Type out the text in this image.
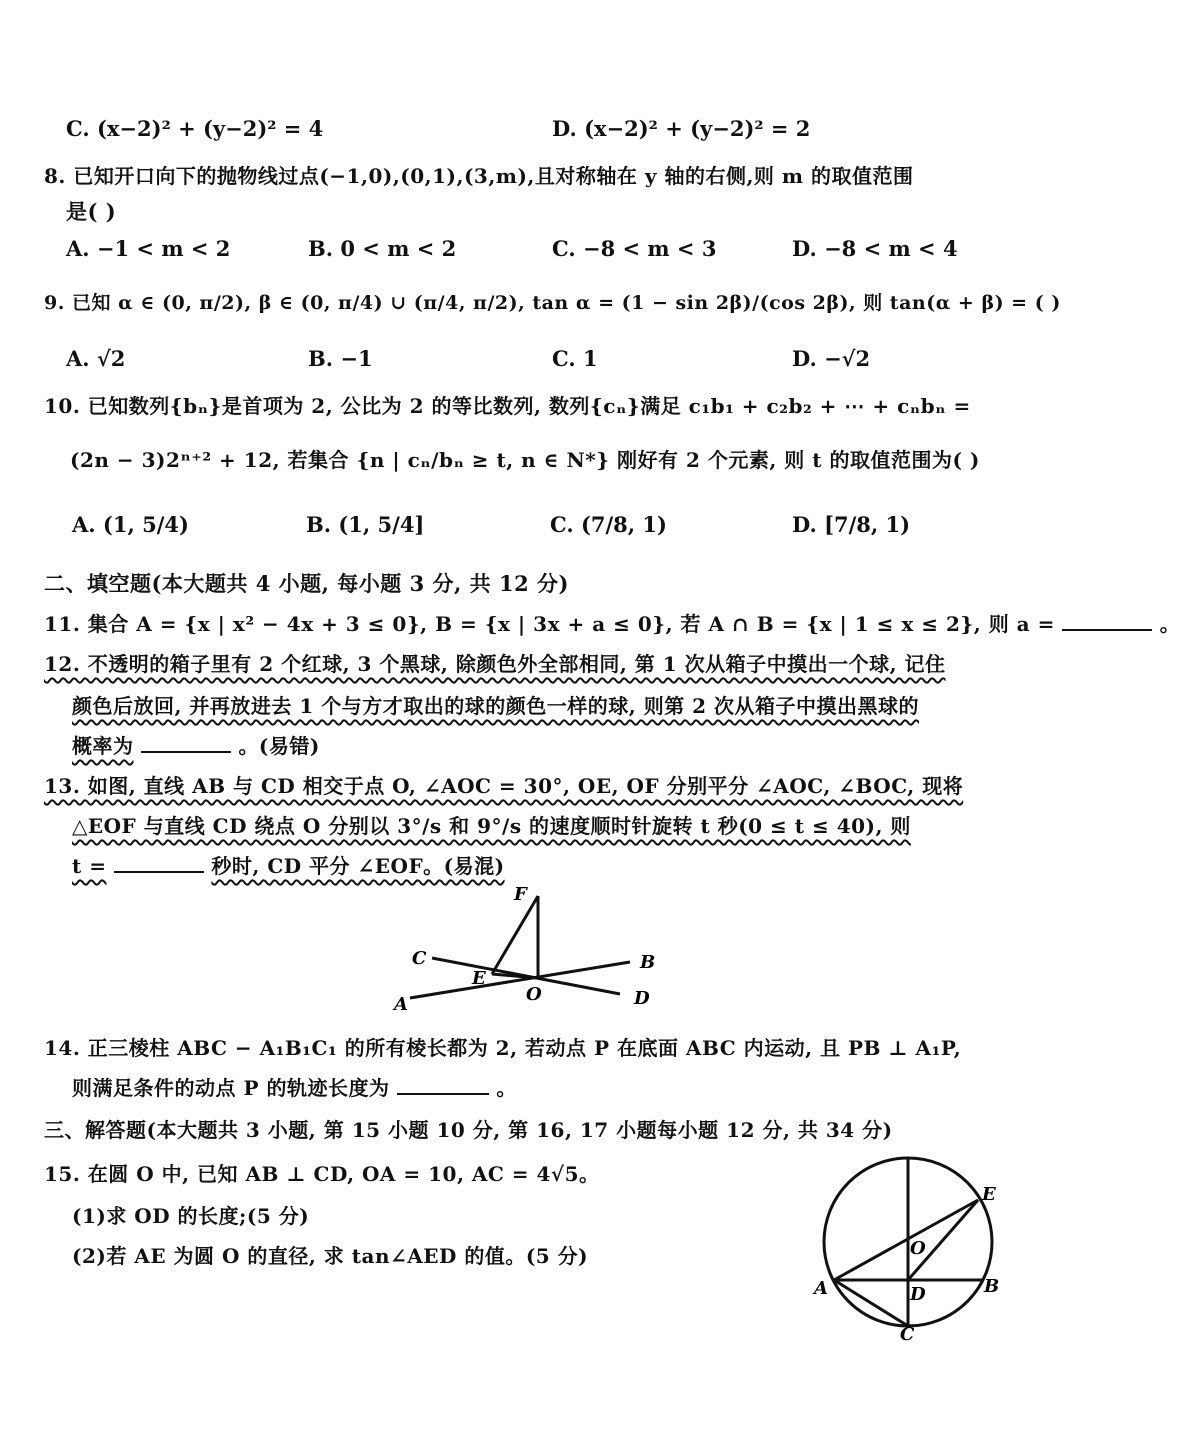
C. (x−2)² + (y−2)² = 4	D. (x−2)² + (y−2)² = 2
8. 已知开口向下的抛物线过点(−1,0),(0,1),(3,m),且对称轴在 y 轴的右侧,则 m 的取值范围
是( )
A. −1 < m < 2	B. 0 < m < 2	C. −8 < m < 3	D. −8 < m < 4
9. 已知 α ∈ (0, π/2), β ∈ (0, π/4) ∪ (π/4, π/2), tan α = (1 − sin 2β)/(cos 2β), 则 tan(α + β) = ( )
A. √2	B. −1	C. 1	D. −√2
10. 已知数列{bₙ}是首项为 2, 公比为 2 的等比数列, 数列{cₙ}满足 c₁b₁ + c₂b₂ + ⋯ + cₙbₙ =
(2n − 3)2ⁿ⁺² + 12, 若集合 {n | cₙ/bₙ ≥ t, n ∈ N*} 刚好有 2 个元素, 则 t 的取值范围为( )
A. (1, 5/4)	B. (1, 5/4]	C. (7/8, 1)	D. [7/8, 1)
二、填空题(本大题共 4 小题, 每小题 3 分, 共 12 分)
11. 集合 A = {x | x² − 4x + 3 ≤ 0}, B = {x | 3x + a ≤ 0}, 若 A ∩ B = {x | 1 ≤ x ≤ 2}, 则 a =	。
12. 不透明的箱子里有 2 个红球, 3 个黑球, 除颜色外全部相同, 第 1 次从箱子中摸出一个球, 记住
颜色后放回, 并再放进去 1 个与方才取出的球的颜色一样的球, 则第 2 次从箱子中摸出黑球的
概率为	。(易错)
13. 如图, 直线 AB 与 CD 相交于点 O, ∠AOC = 30°, OE, OF 分别平分 ∠AOC, ∠BOC, 现将
△EOF 与直线 CD 绕点 O 分别以 3°/s 和 9°/s 的速度顺时针旋转 t 秒(0 ≤ t ≤ 40), 则
t =	秒时, CD 平分 ∠EOF。(易混)
F
C
E
O
B
A	D
14. 正三棱柱 ABC − A₁B₁C₁ 的所有棱长都为 2, 若动点 P 在底面 ABC 内运动, 且 PB ⊥ A₁P,
则满足条件的动点 P 的轨迹长度为	。
三、解答题(本大题共 3 小题, 第 15 小题 10 分, 第 16, 17 小题每小题 12 分, 共 34 分)
15. 在圆 O 中, 已知 AB ⊥ CD, OA = 10, AC = 4√5。
(1)求 OD 的长度;(5 分)
(2)若 AE 为圆 O 的直径, 求 tan∠AED 的值。(5 分)
E
O
A	D	B
C
